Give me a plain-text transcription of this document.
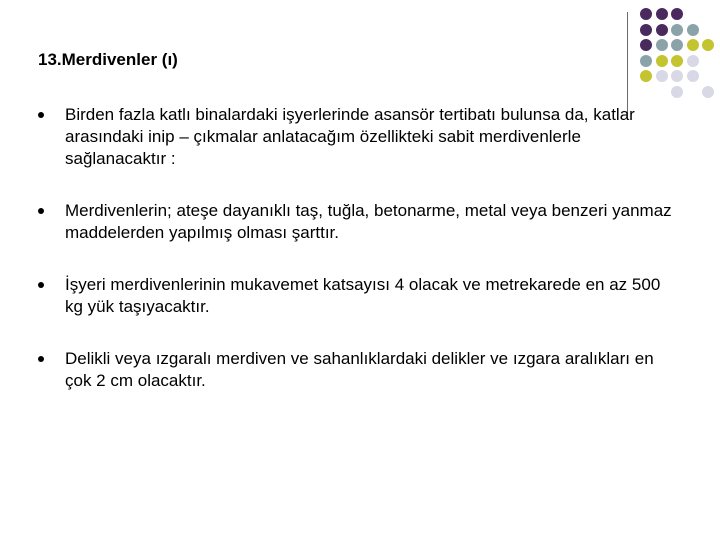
13.Merdivenler (ı)
Birden fazla katlı binalardaki işyerlerinde asansör tertibatı bulunsa da, katlar arasındaki inip – çıkmalar anlatacağım özellikteki sabit merdivenlerle sağlanacaktır :
Merdivenlerin; ateşe dayanıklı taş, tuğla, betonarme, metal veya benzeri yanmaz maddelerden yapılmış olması şarttır.
İşyeri merdivenlerinin mukavemet katsayısı 4 olacak ve metrekarede en az 500 kg yük taşıyacaktır.
Delikli veya ızgaralı merdiven ve sahanlıklardaki delikler ve ızgara aralıkları en çok 2 cm olacaktır.
